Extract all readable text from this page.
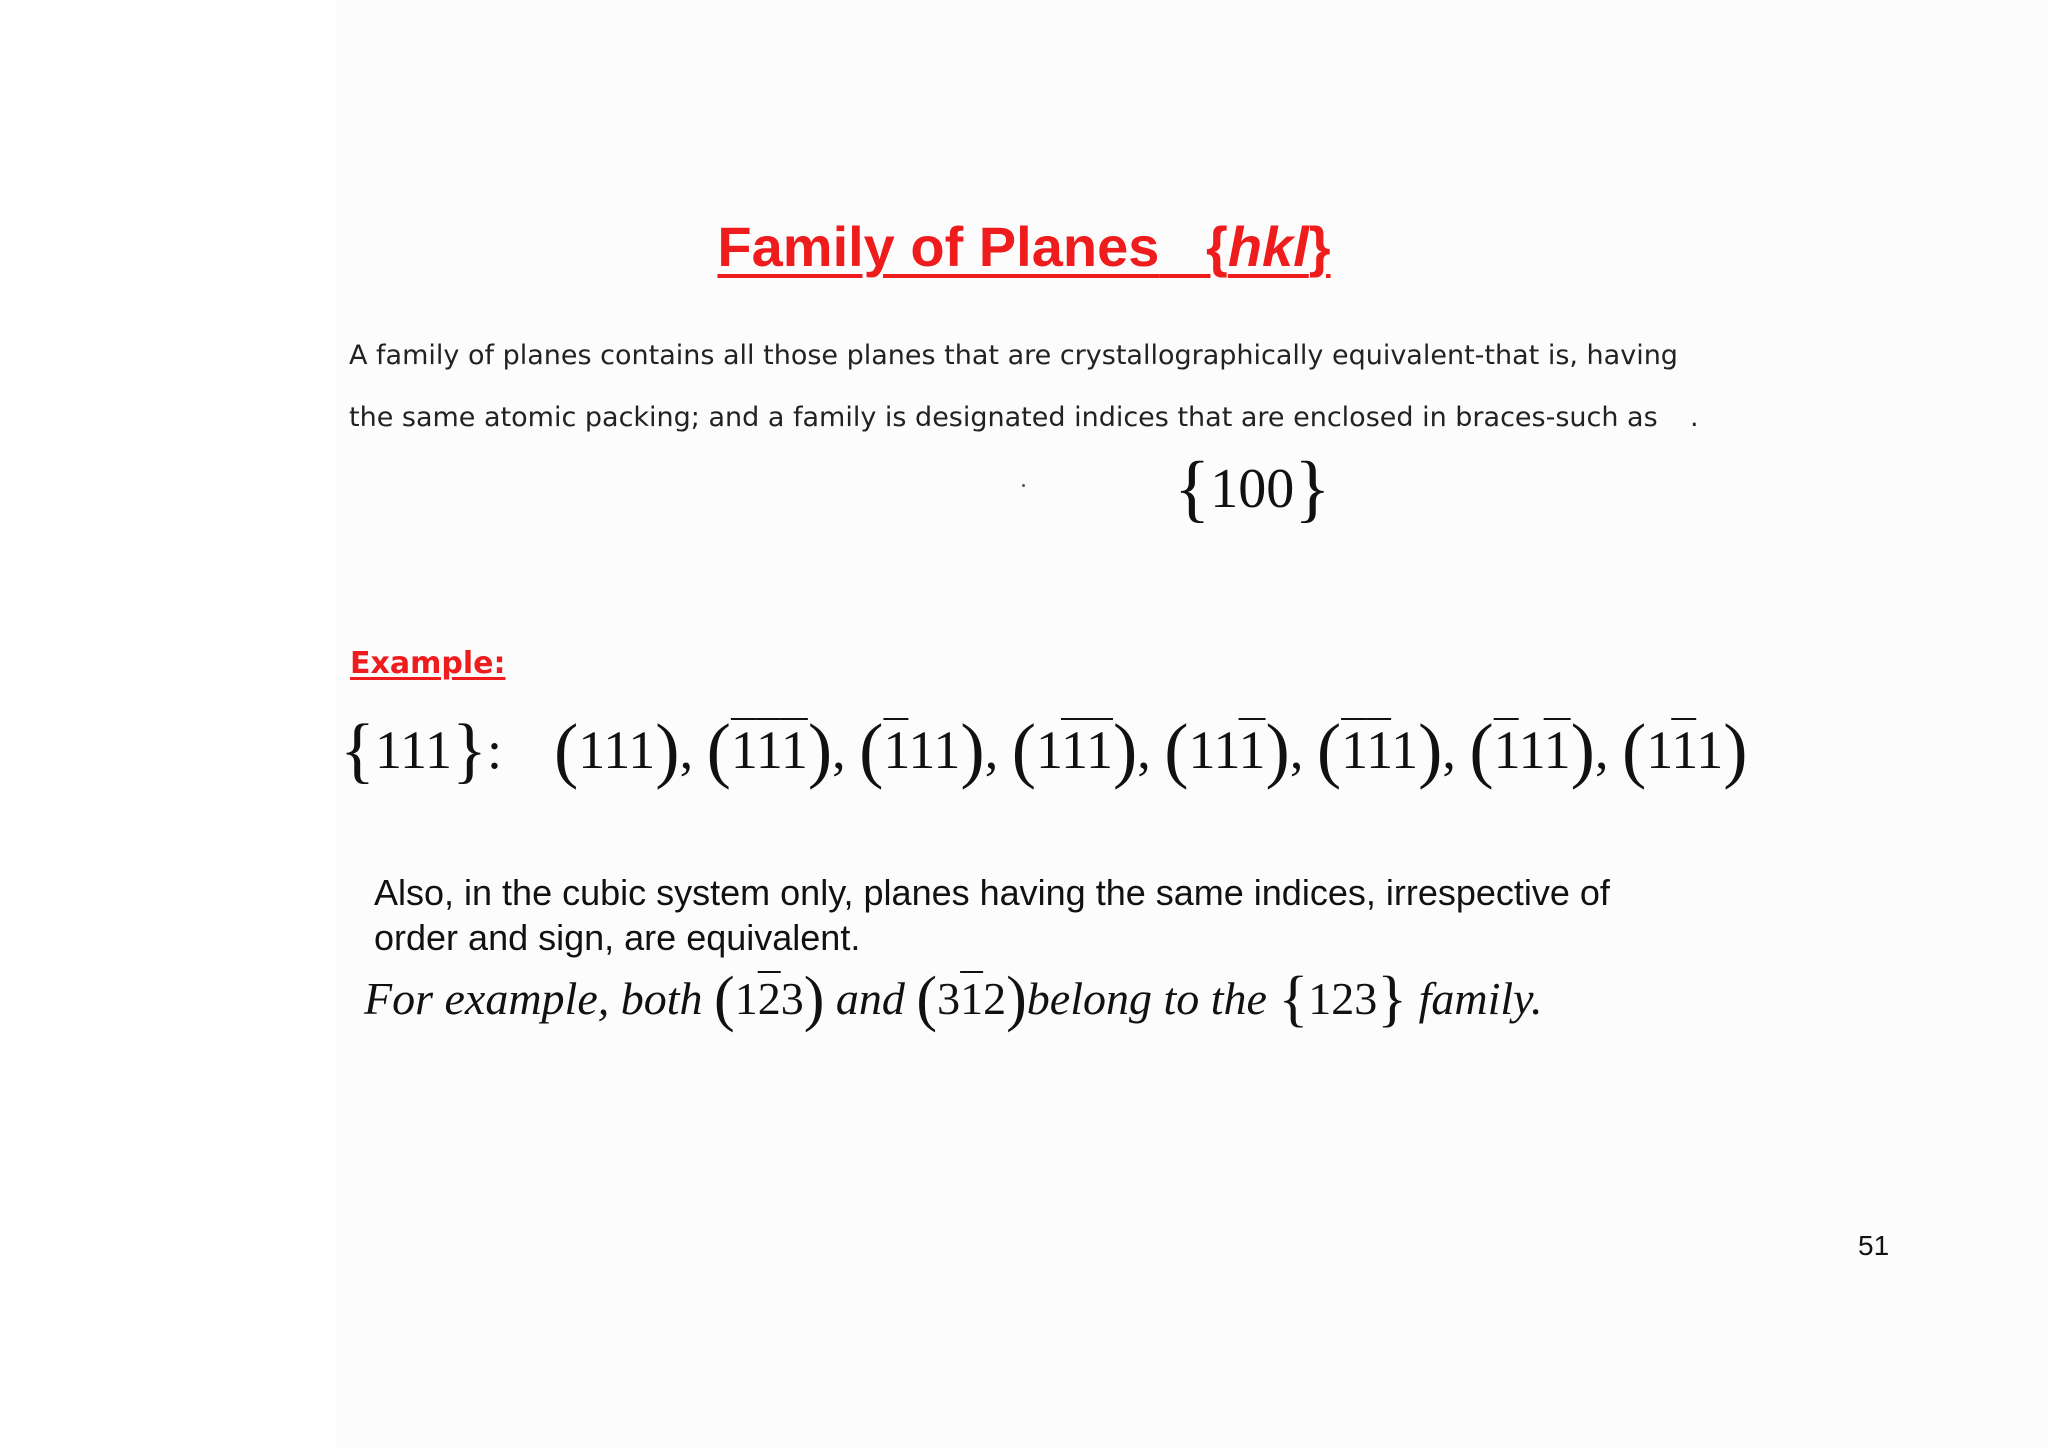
Family of Planes {hkl}
A family of planes contains all those planes that are crystallographically equivalent-that is, having
the same atomic packing; and a family is designated indices that are enclosed in braces-such as .
{100}
Example:
{111}: (111), (111), (111), (111), (111), (111), (111), (111)
Also, in the cubic system only, planes having the same indices, irrespective of
order and sign, are equivalent.
For example, both (123) and (312)belong to the {123} family.
51
